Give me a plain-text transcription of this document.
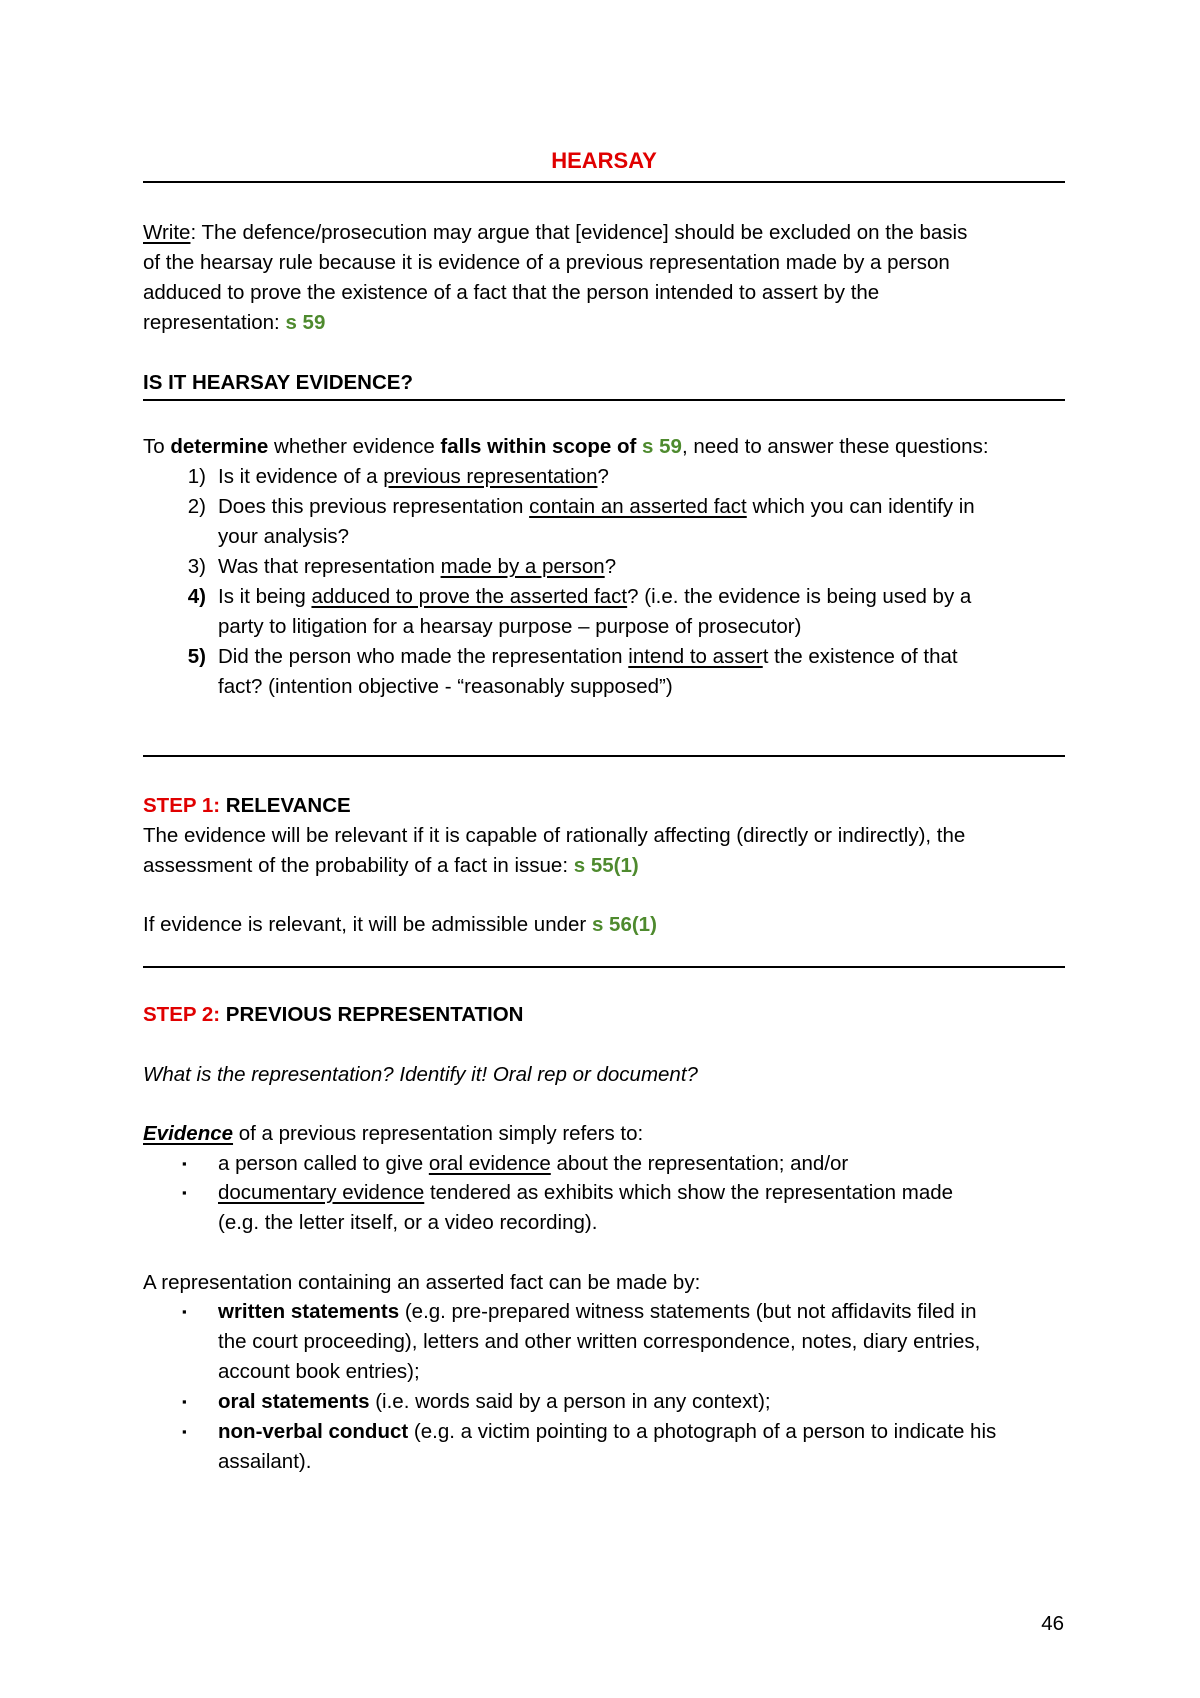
HEARSAY
Write: The defence/prosecution may argue that [evidence] should be excluded on the basis
of the hearsay rule because it is evidence of a previous representation made by a person
adduced to prove the existence of a fact that the person intended to assert by the
representation: s 59
IS IT HEARSAY EVIDENCE?
To determine whether evidence falls within scope of s 59, need to answer these questions:
1) Is it evidence of a previous representation?
2) Does this previous representation contain an asserted fact which you can identify in
your analysis?
3) Was that representation made by a person?
4) Is it being adduced to prove the asserted fact? (i.e. the evidence is being used by a
party to litigation for a hearsay purpose – purpose of prosecutor)
5) Did the person who made the representation intend to assert the existence of that
fact? (intention objective - “reasonably supposed”)
STEP 1: RELEVANCE
The evidence will be relevant if it is capable of rationally affecting (directly or indirectly), the
assessment of the probability of a fact in issue: s 55(1)
If evidence is relevant, it will be admissible under s 56(1)
STEP 2: PREVIOUS REPRESENTATION
What is the representation? Identify it! Oral rep or document?
Evidence of a previous representation simply refers to:
▪ a person called to give oral evidence about the representation; and/or
▪ documentary evidence tendered as exhibits which show the representation made
(e.g. the letter itself, or a video recording).
A representation containing an asserted fact can be made by:
▪ written statements (e.g. pre-prepared witness statements (but not affidavits filed in
the court proceeding), letters and other written correspondence, notes, diary entries,
account book entries);
▪ oral statements (i.e. words said by a person in any context);
▪ non-verbal conduct (e.g. a victim pointing to a photograph of a person to indicate his
assailant).
46
